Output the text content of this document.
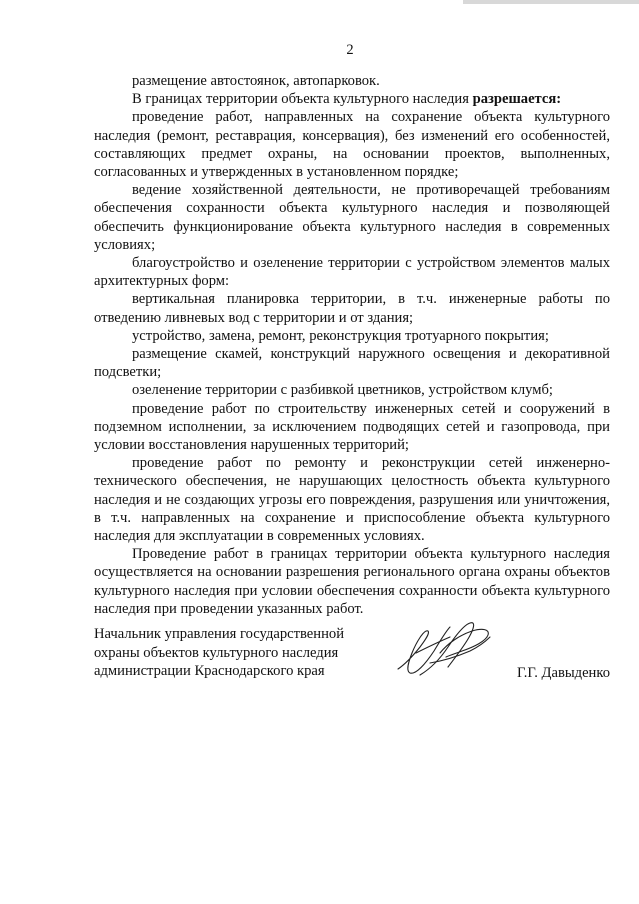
2

размещение автостоянок, автопарковок.

В границах территории объекта культурного наследия разрешается:

проведение работ, направленных на сохранение объекта культурного наследия (ремонт, реставрация, консервация), без изменений его особенностей, составляющих предмет охраны, на основании проектов, выполненных, согласованных и утвержденных в установленном порядке;

ведение хозяйственной деятельности, не противоречащей требованиям обеспечения сохранности объекта культурного наследия и позволяющей обеспечить функционирование объекта культурного наследия в современных условиях;

благоустройство и озеленение территории с устройством элементов малых архитектурных форм:

вертикальная планировка территории, в т.ч. инженерные работы по отведению ливневых вод с территории и от здания;

устройство, замена, ремонт, реконструкция тротуарного покрытия;

размещение скамей, конструкций наружного освещения и декоративной подсветки;

озеленение территории с разбивкой цветников, устройством клумб;

проведение работ по строительству инженерных сетей и сооружений в подземном исполнении, за исключением подводящих сетей и газопровода, при условии восстановления нарушенных территорий;

проведение работ по ремонту и реконструкции сетей инженерно-технического обеспечения, не нарушающих целостность объекта культурного наследия и не создающих угрозы его повреждения, разрушения или уничтожения, в т.ч. направленных на сохранение и приспособление объекта культурного наследия для эксплуатации в современных условиях.

Проведение работ в границах территории объекта культурного наследия осуществляется на основании разрешения регионального органа охраны объектов культурного наследия при условии обеспечения сохранности объекта культурного наследия при проведении указанных работ.

Начальник управления государственной
охраны объектов культурного наследия
администрации Краснодарского края	Г.Г. Давыденко
